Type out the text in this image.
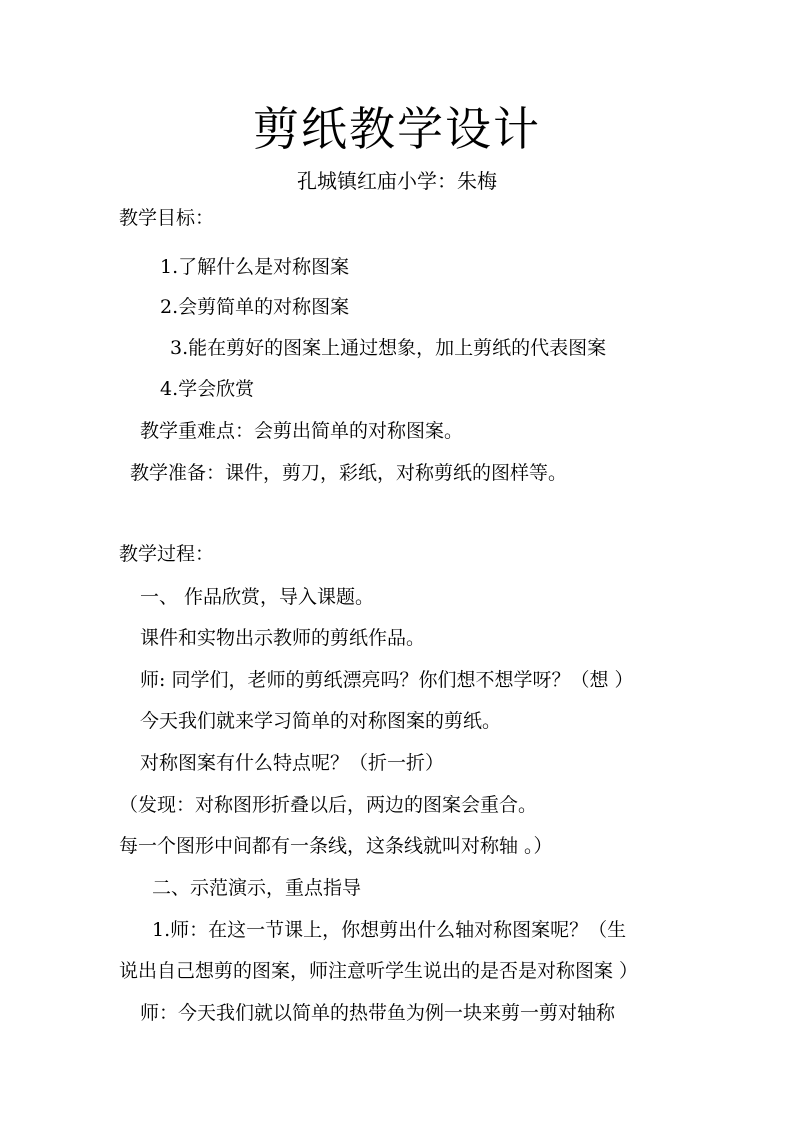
剪纸教学设计
孔城镇红庙小学：朱梅
教学目标：
1.了解什么是对称图案
2.会剪简单的对称图案
3.能在剪好的图案上通过想象，加上剪纸的代表图案
4.学会欣赏
教学重难点：会剪出简单的对称图案。
教学准备：课件，剪刀，彩纸，对称剪纸的图样等。
教学过程：
一、 作品欣赏，导入课题。
课件和实物出示教师的剪纸作品。
师: 同学们，老师的剪纸漂亮吗？你们想不想学呀？（想 ）
今天我们就来学习简单的对称图案的剪纸。
对称图案有什么特点呢？（折一折）
（发现：对称图形折叠以后，两边的图案会重合。
每一个图形中间都有一条线，这条线就叫对称轴 。）
二、示范演示，重点指导
1.师：在这一节课上，你想剪出什么轴对称图案呢？（生
说出自己想剪的图案，师注意听学生说出的是否是对称图案 ）
师：今天我们就以简单的热带鱼为例一块来剪一剪对轴称
